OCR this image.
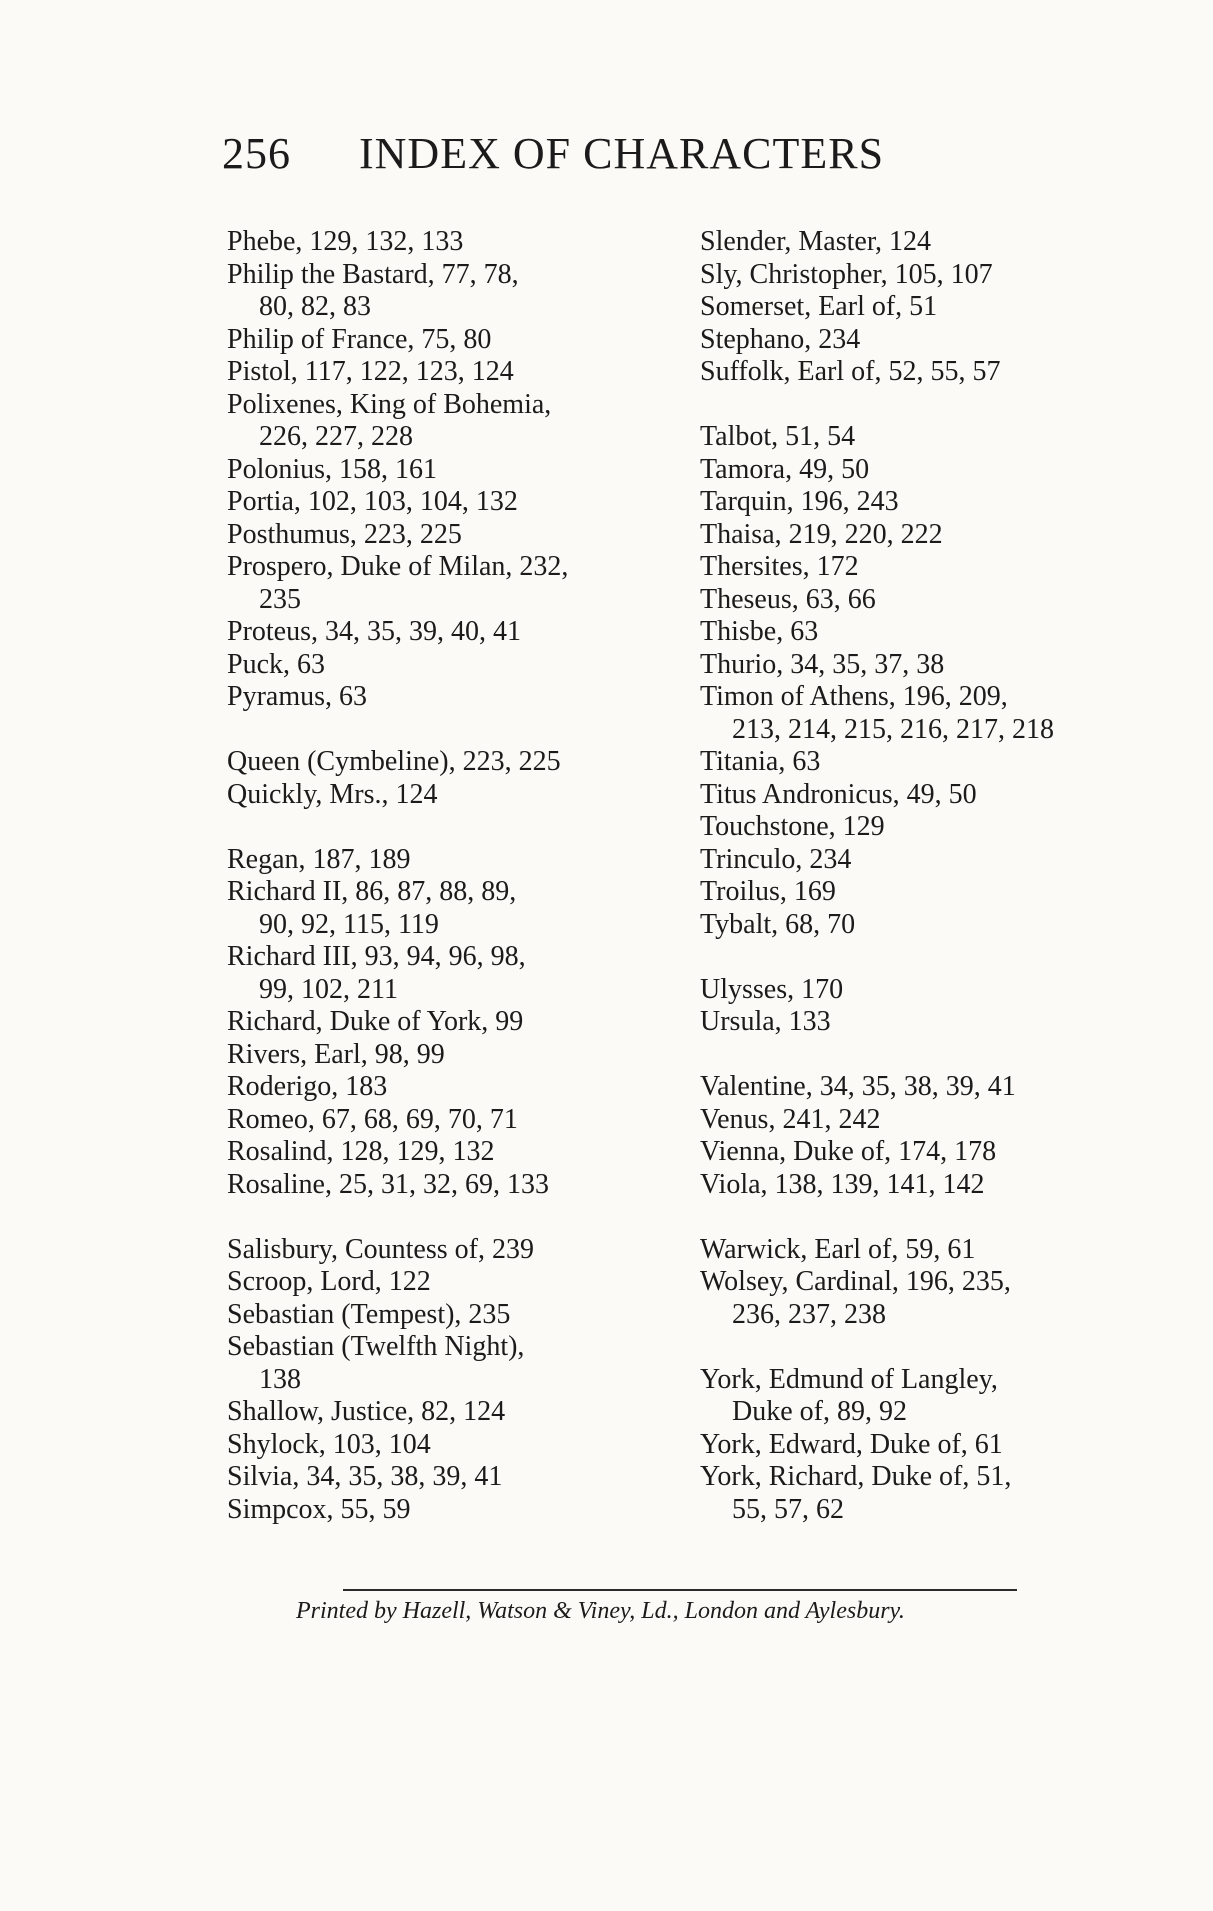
256 INDEX OF CHARACTERS
Phebe, 129, 132, 133
Philip the Bastard, 77, 78,
80, 82, 83
Philip of France, 75, 80
Pistol, 117, 122, 123, 124
Polixenes, King of Bohemia,
226, 227, 228
Polonius, 158, 161
Portia, 102, 103, 104, 132
Posthumus, 223, 225
Prospero, Duke of Milan, 232,
235
Proteus, 34, 35, 39, 40, 41
Puck, 63
Pyramus, 63
Queen (Cymbeline), 223, 225
Quickly, Mrs., 124
Regan, 187, 189
Richard II, 86, 87, 88, 89,
90, 92, 115, 119
Richard III, 93, 94, 96, 98,
99, 102, 211
Richard, Duke of York, 99
Rivers, Earl, 98, 99
Roderigo, 183
Romeo, 67, 68, 69, 70, 71
Rosalind, 128, 129, 132
Rosaline, 25, 31, 32, 69, 133
Salisbury, Countess of, 239
Scroop, Lord, 122
Sebastian (Tempest), 235
Sebastian (Twelfth Night),
138
Shallow, Justice, 82, 124
Shylock, 103, 104
Silvia, 34, 35, 38, 39, 41
Simpcox, 55, 59
Slender, Master, 124
Sly, Christopher, 105, 107
Somerset, Earl of, 51
Stephano, 234
Suffolk, Earl of, 52, 55, 57
Talbot, 51, 54
Tamora, 49, 50
Tarquin, 196, 243
Thaisa, 219, 220, 222
Thersites, 172
Theseus, 63, 66
Thisbe, 63
Thurio, 34, 35, 37, 38
Timon of Athens, 196, 209,
213, 214, 215, 216, 217, 218
Titania, 63
Titus Andronicus, 49, 50
Touchstone, 129
Trinculo, 234
Troilus, 169
Tybalt, 68, 70
Ulysses, 170
Ursula, 133
Valentine, 34, 35, 38, 39, 41
Venus, 241, 242
Vienna, Duke of, 174, 178
Viola, 138, 139, 141, 142
Warwick, Earl of, 59, 61
Wolsey, Cardinal, 196, 235,
236, 237, 238
York, Edmund of Langley,
Duke of, 89, 92
York, Edward, Duke of, 61
York, Richard, Duke of, 51,
55, 57, 62
Printed by Hazell, Watson & Viney, Ld., London and Aylesbury.
